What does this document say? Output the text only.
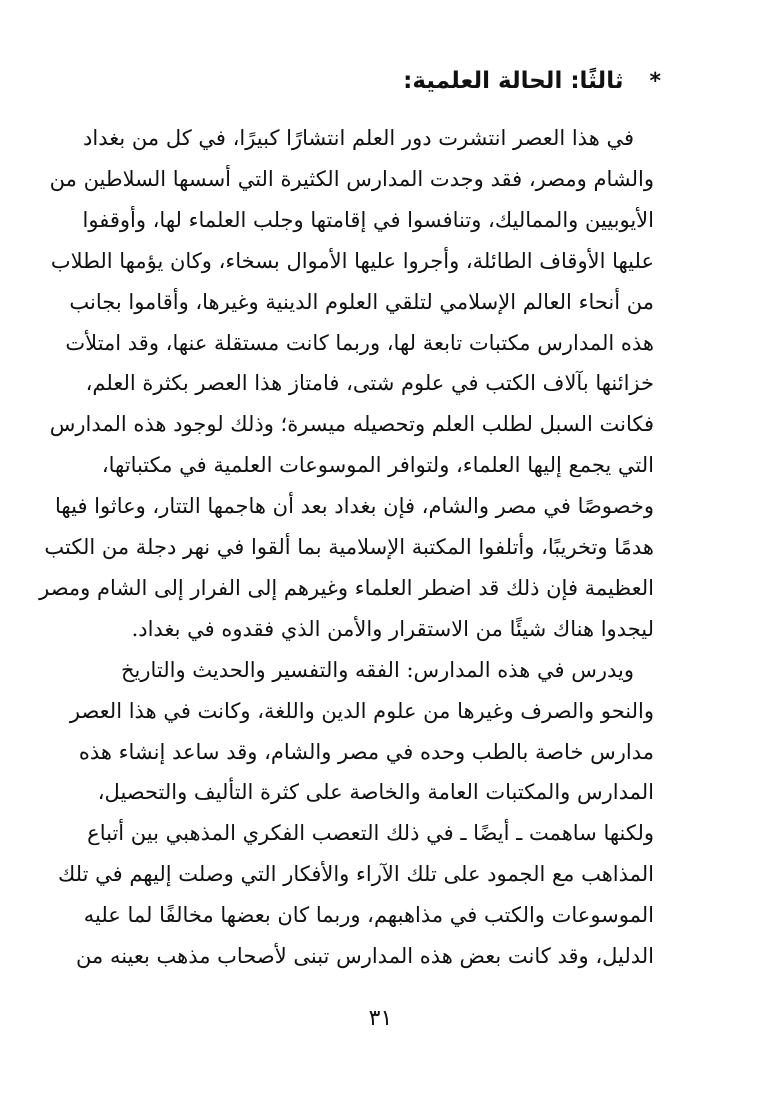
* ثالثًا: الحالة العلمية:
في هذا العصر انتشرت دور العلم انتشارًا كبيرًا، في كل من بغداد
والشام ومصر، فقد وجدت المدارس الكثيرة التي أسسها السلاطين من
الأيوبيين والمماليك، وتنافسوا في إقامتها وجلب العلماء لها، وأوقفوا
عليها الأوقاف الطائلة، وأجروا عليها الأموال بسخاء، وكان يؤمها الطلاب
من أنحاء العالم الإسلامي لتلقي العلوم الدينية وغيرها، وأقاموا بجانب
هذه المدارس مكتبات تابعة لها، وربما كانت مستقلة عنها، وقد امتلأت
خزائنها بآلاف الكتب في علوم شتى، فامتاز هذا العصر بكثرة العلم،
فكانت السبل لطلب العلم وتحصيله ميسرة؛ وذلك لوجود هذه المدارس
التي يجمع إليها العلماء، ولتوافر الموسوعات العلمية في مكتباتها،
وخصوصًا في مصر والشام، فإن بغداد بعد أن هاجمها التتار، وعاثوا فيها
هدمًا وتخريبًا، وأتلفوا المكتبة الإسلامية بما ألقوا في نهر دجلة من الكتب
العظيمة فإن ذلك قد اضطر العلماء وغيرهم إلى الفرار إلى الشام ومصر
ليجدوا هناك شيئًا من الاستقرار والأمن الذي فقدوه في بغداد.
ويدرس في هذه المدارس: الفقه والتفسير والحديث والتاريخ
والنحو والصرف وغيرها من علوم الدين واللغة، وكانت في هذا العصر
مدارس خاصة بالطب وحده في مصر والشام، وقد ساعد إنشاء هذه
المدارس والمكتبات العامة والخاصة على كثرة التأليف والتحصيل،
ولكنها ساهمت ـ أيضًا ـ في ذلك التعصب الفكري المذهبي بين أتباع
المذاهب مع الجمود على تلك الآراء والأفكار التي وصلت إليهم في تلك
الموسوعات والكتب في مذاهبهم، وربما كان بعضها مخالفًا لما عليه
الدليل، وقد كانت بعض هذه المدارس تبنى لأصحاب مذهب بعينه من
٣١
